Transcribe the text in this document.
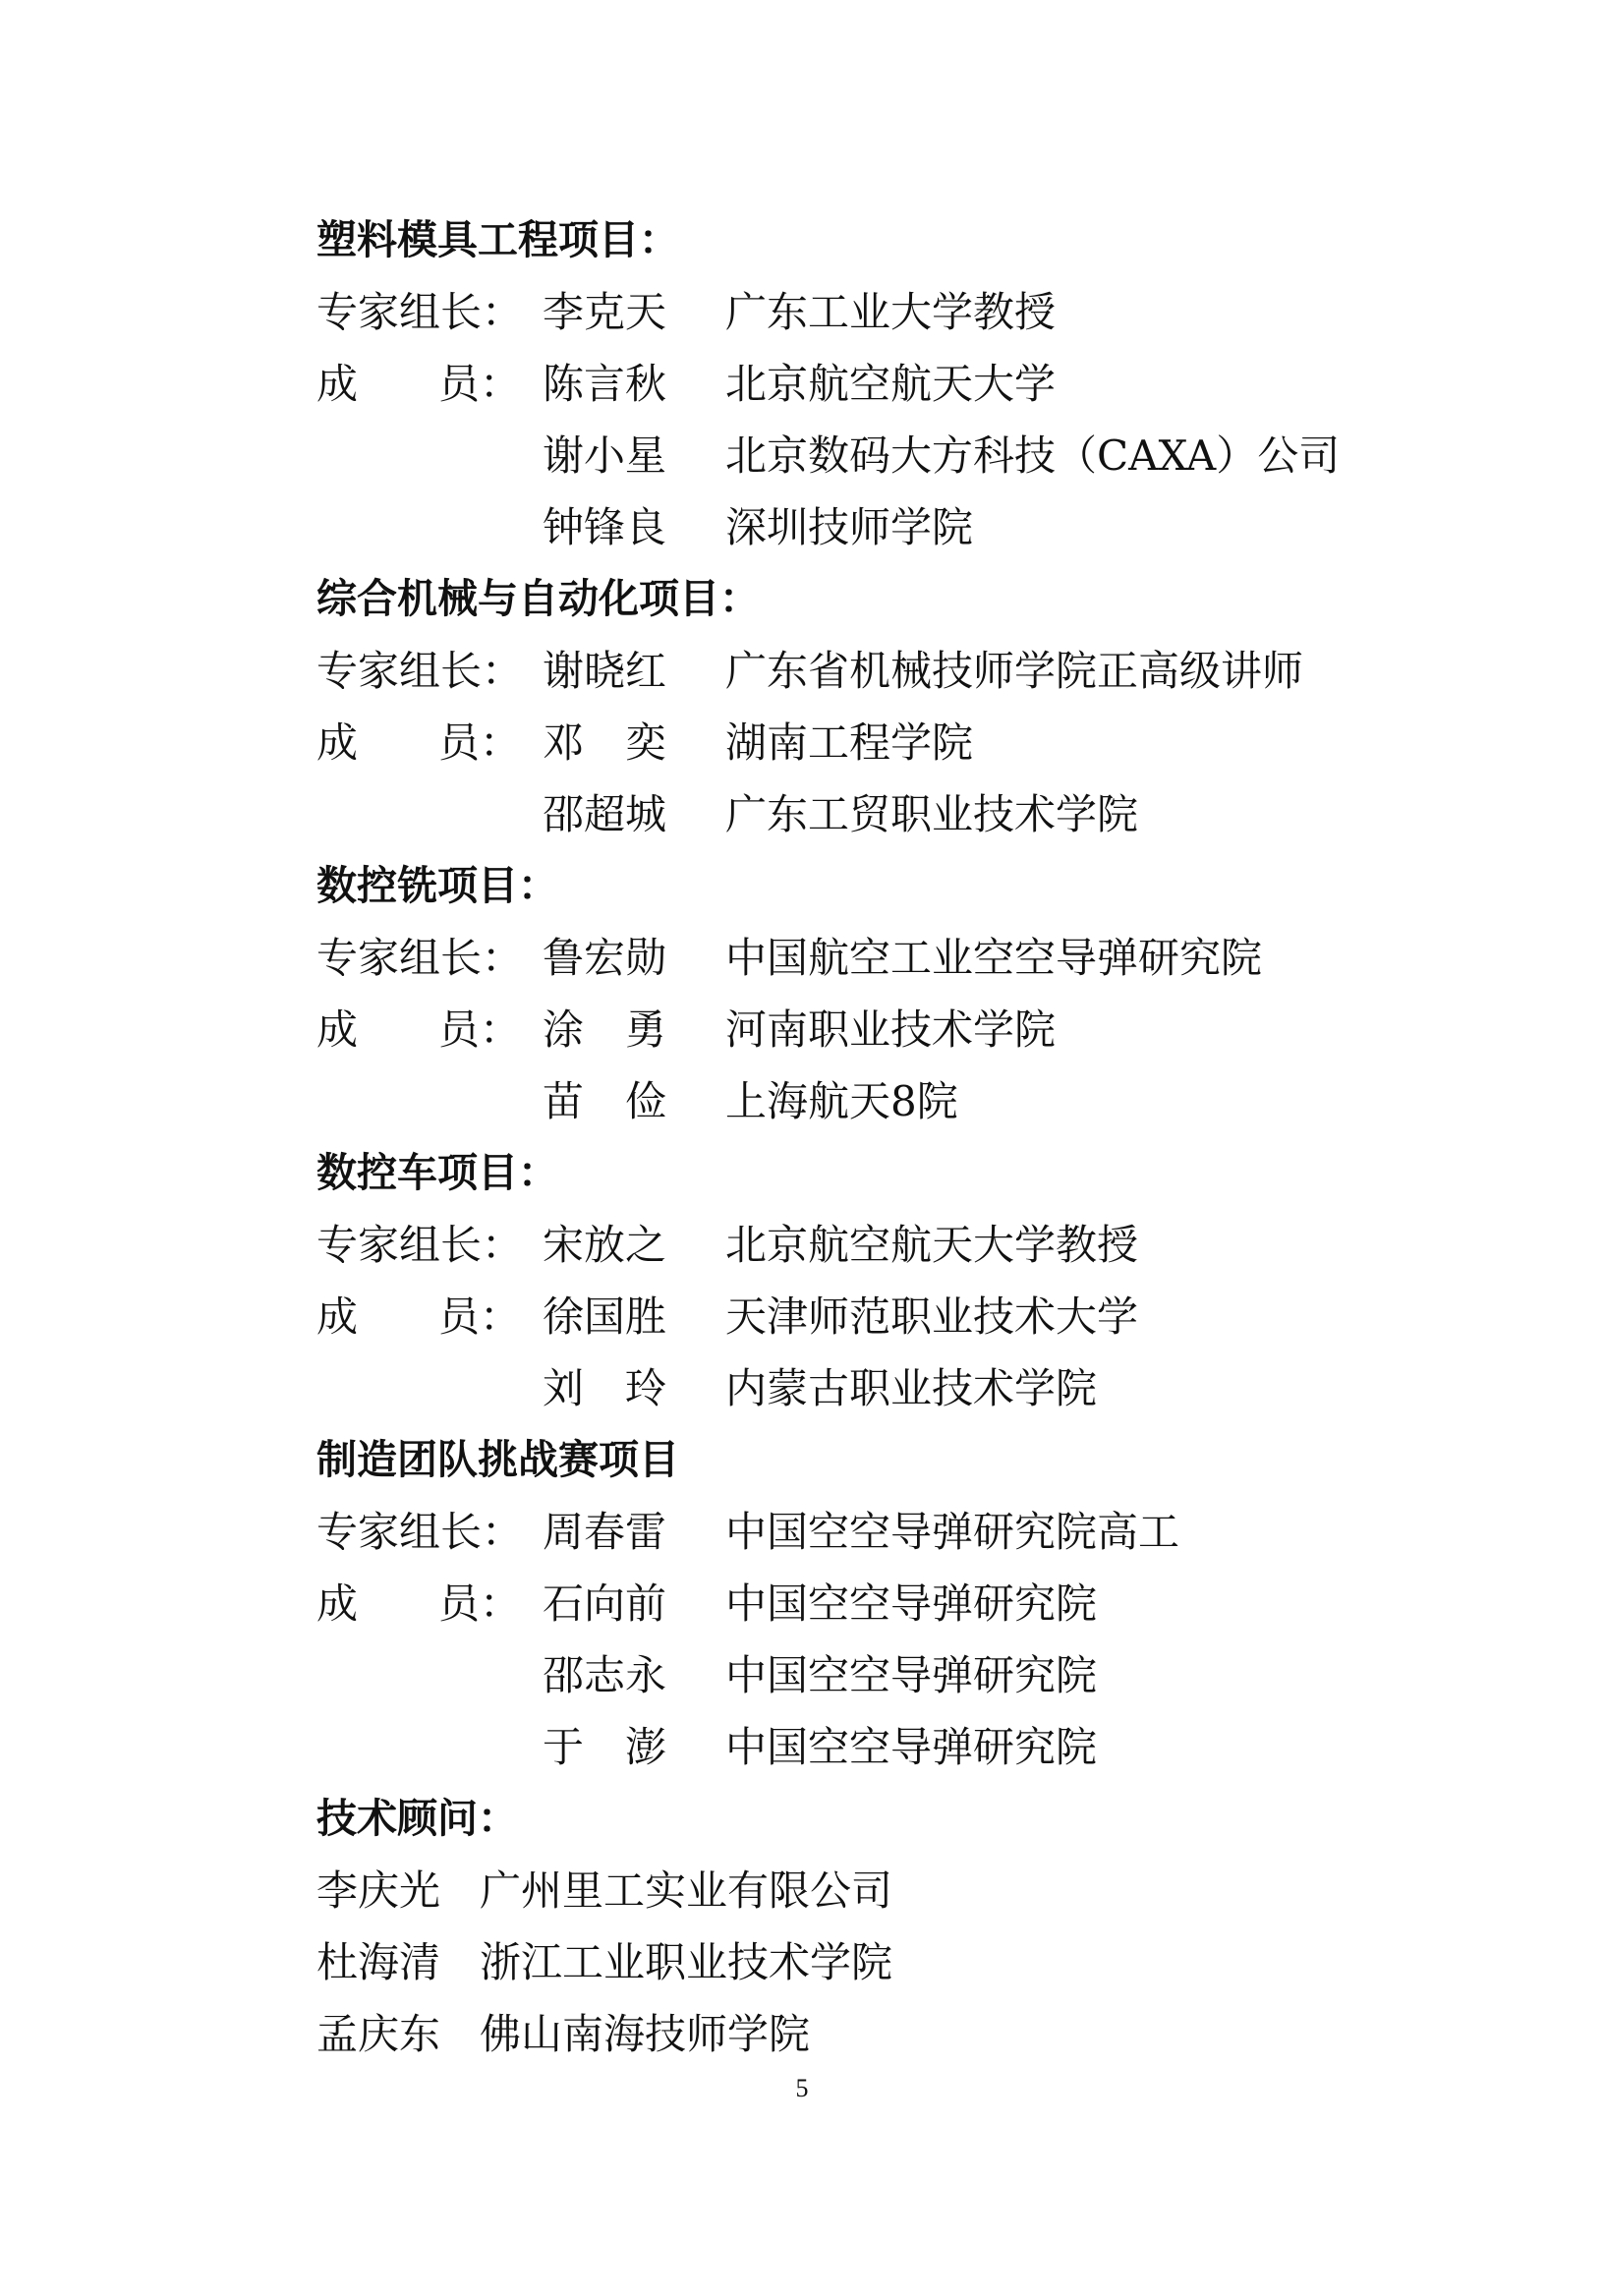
塑料模具工程项目：
专家组长： 李克天 广东工业大学教授
成 员： 陈言秋 北京航空航天大学
谢小星 北京数码大方科技（CAXA）公司
钟锋良 深圳技师学院
综合机械与自动化项目：
专家组长： 谢晓红 广东省机械技师学院正高级讲师
成 员： 邓　奕 湖南工程学院
邵超城 广东工贸职业技术学院
数控铣项目：
专家组长： 鲁宏勋 中国航空工业空空导弹研究院
成 员： 涂　勇 河南职业技术学院
苗　俭 上海航天8院
数控车项目：
专家组长： 宋放之 北京航空航天大学教授
成 员： 徐国胜 天津师范职业技术大学
刘　玲 内蒙古职业技术学院
制造团队挑战赛项目
专家组长： 周春雷 中国空空导弹研究院高工
成 员： 石向前 中国空空导弹研究院
邵志永 中国空空导弹研究院
于　澎 中国空空导弹研究院
技术顾问：
李庆光 广州里工实业有限公司
杜海清 浙江工业职业技术学院
孟庆东 佛山南海技师学院
5
